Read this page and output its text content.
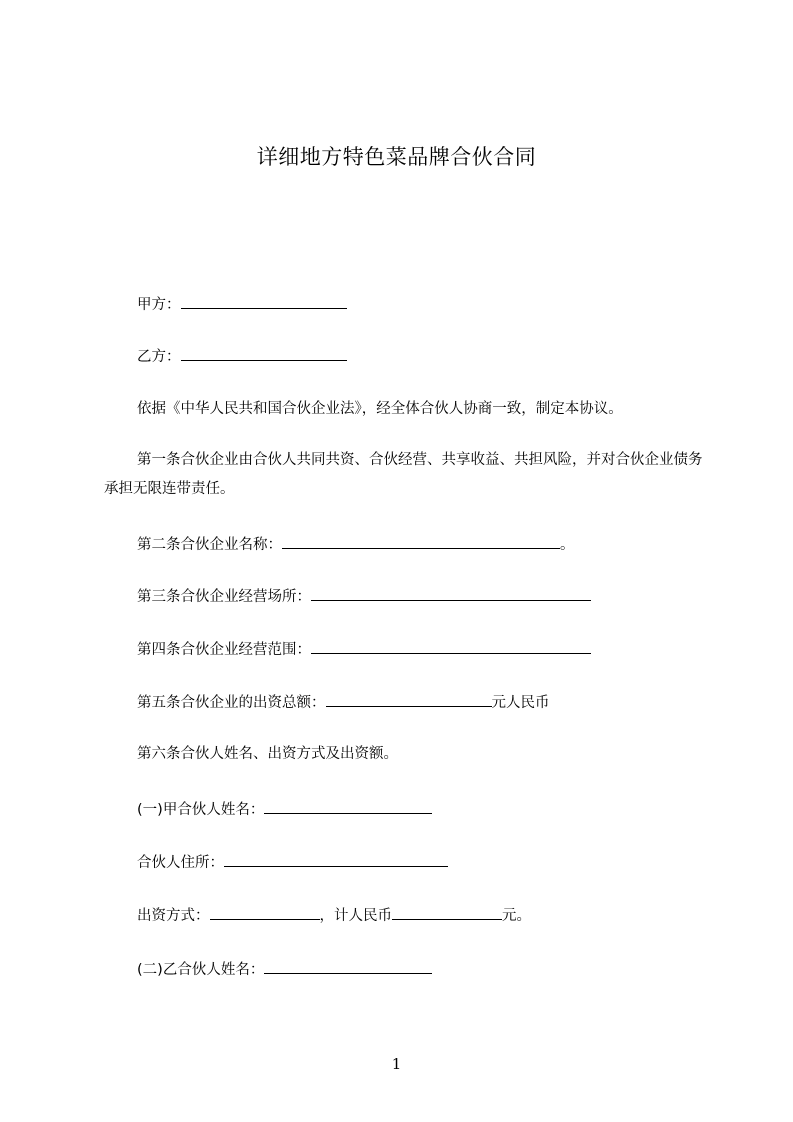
详细地方特色菜品牌合伙合同
甲方：
乙方：
依据《中华人民共和国合伙企业法》，经全体合伙人协商一致，制定本协议。
第一条合伙企业由合伙人共同共资、合伙经营、共享收益、共担风险，并对合伙企业债务承担无限连带责任。
第二条合伙企业名称：	。
第三条合伙企业经营场所：
第四条合伙企业经营范围：
第五条合伙企业的出资总额：	元人民币
第六条合伙人姓名、出资方式及出资额。
(一)甲合伙人姓名：
合伙人住所：
出资方式：	，计人民币	元。
(二)乙合伙人姓名：
1
